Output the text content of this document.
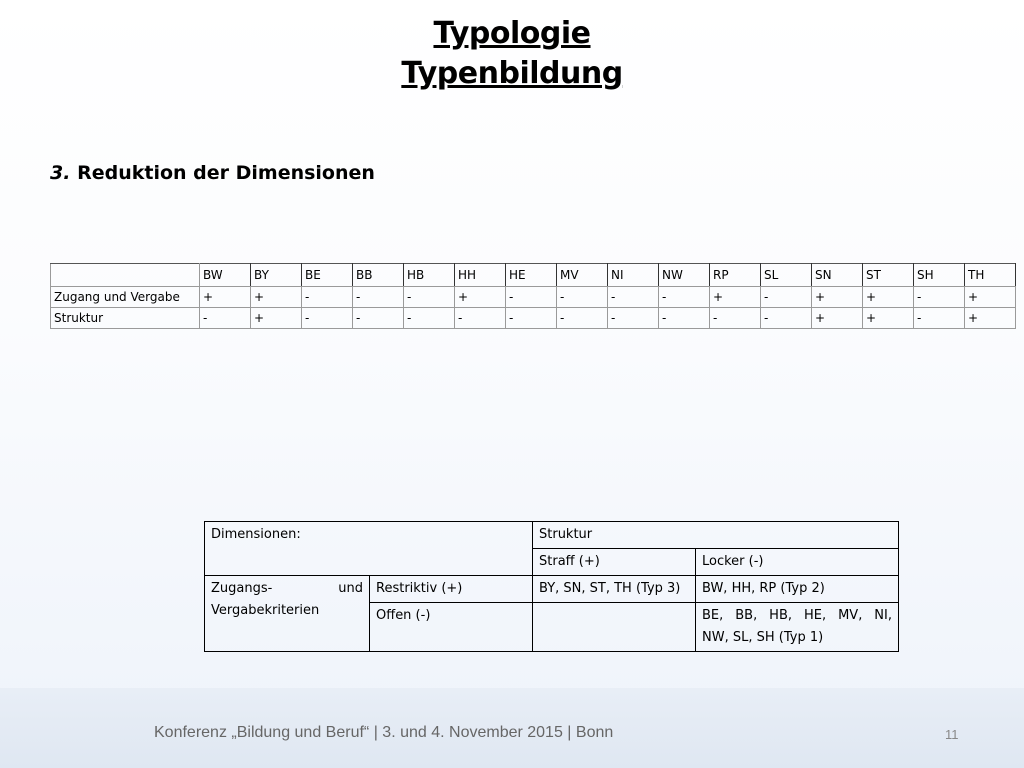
Typologie
Typenbildung
3. Reduktion der Dimensionen
	BW	BY	BE	BB	HB	HH	HE	MV	NI	NW	RP	SL	SN	ST	SH	TH
Zugang und Vergabe	+	+	-	-	-	+	-	-	-	-	+	-	+	+	-	+
Struktur	-	+	-	-	-	-	-	-	-	-	-	-	+	+	-	+
Dimensionen:		Struktur	
		Straff (+)	Locker (-)

Zugangs- und
Vergabekriterien	Restriktiv (+)	BY, SN, ST, TH (Typ 3)	BW, HH, RP (Typ 2)
	Offen (-)		BE, BB, HB, HE, MV, NI,
NW, SL, SH (Typ 1)
Konferenz „Bildung und Beruf“ | 3. und 4. November 2015 | Bonn	11
